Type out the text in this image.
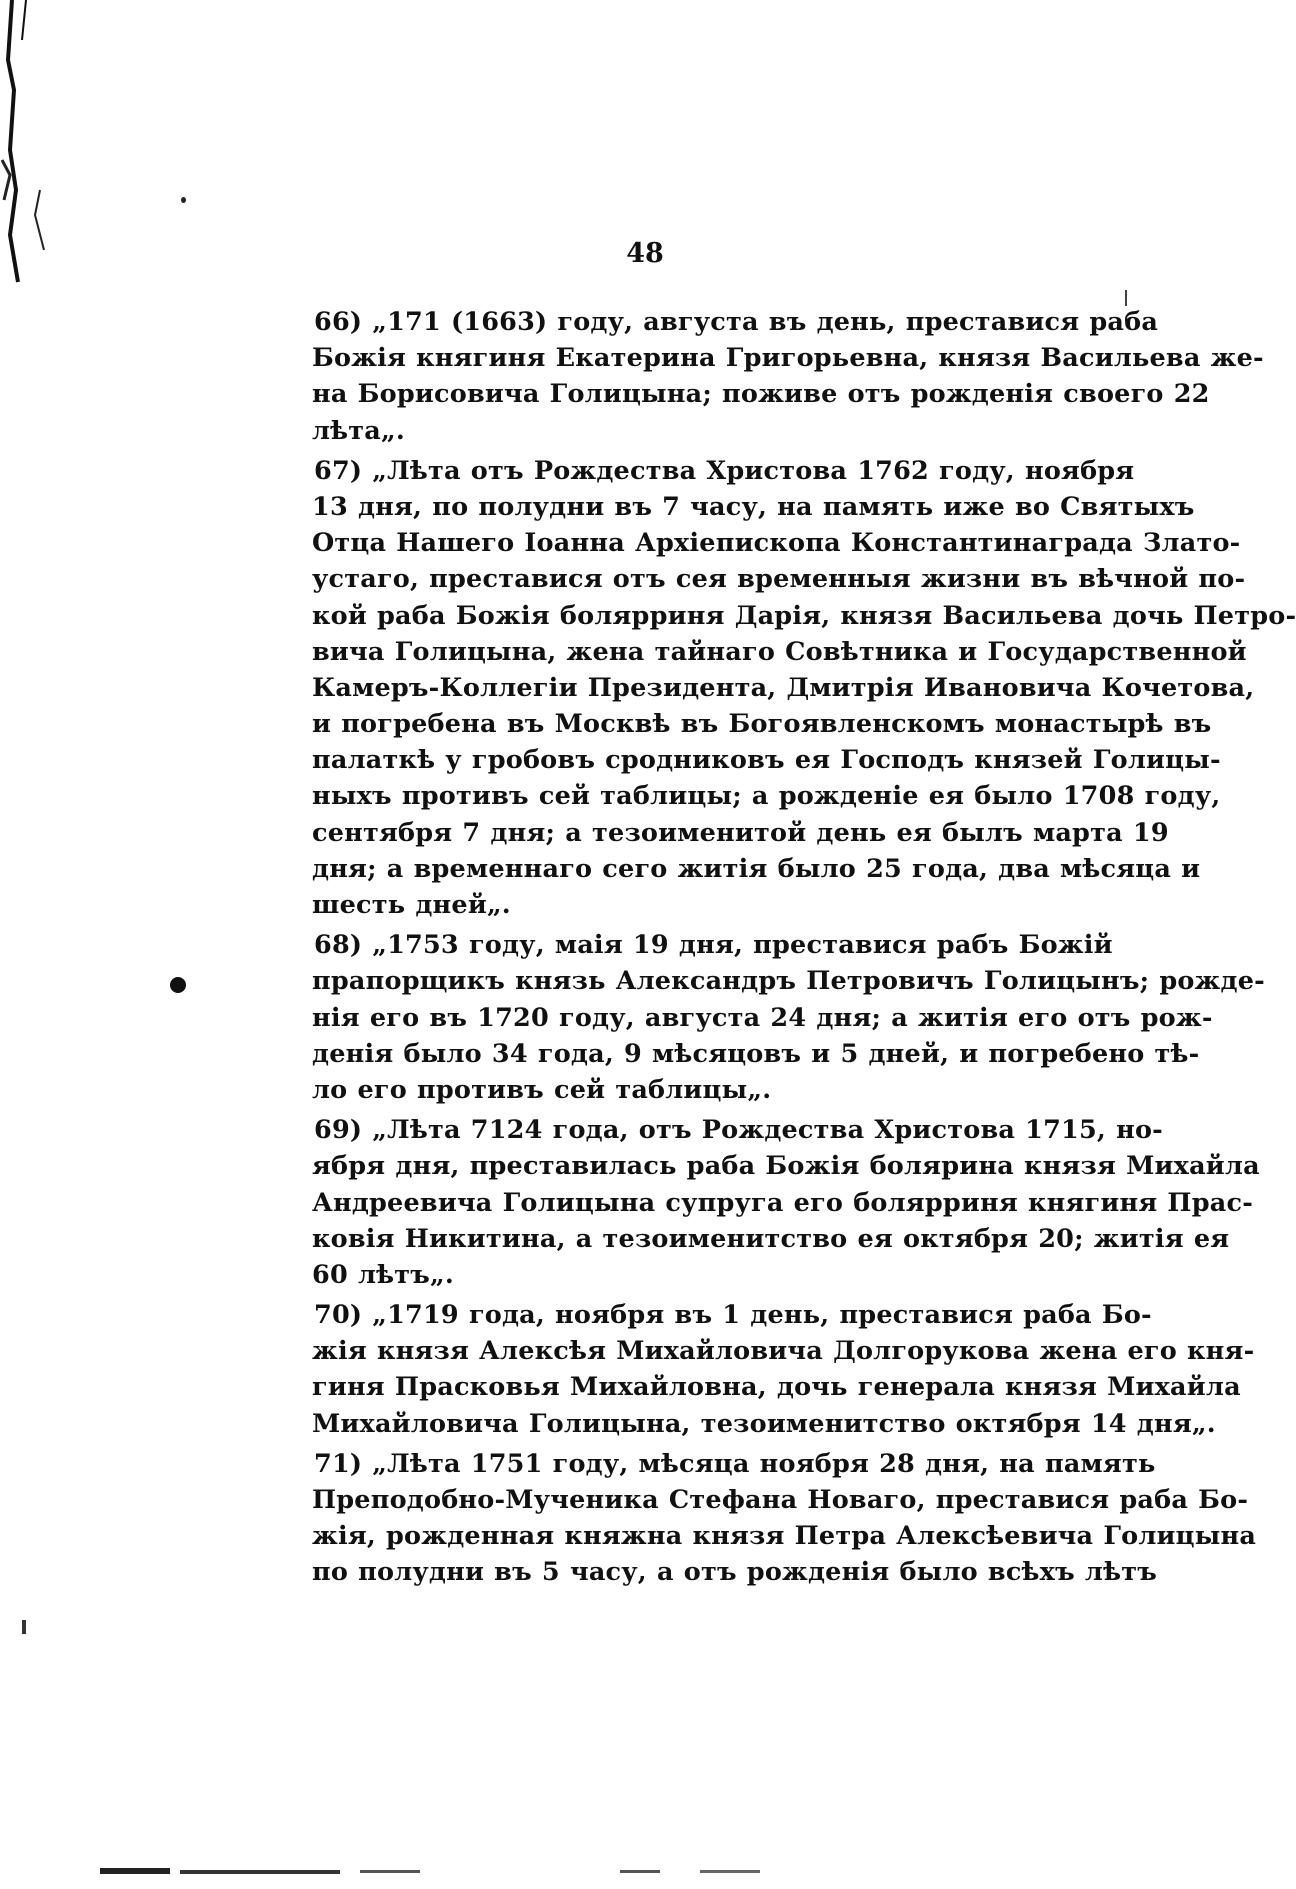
48
66) „171 (1663) году, августа въ день, преставися раба
Божія княгиня Екатерина Григорьевна, князя Васильева же-
на Борисовича Голицына; поживе отъ рожденія своего 22
лѣта„.
67) „Лѣта отъ Рождества Христова 1762 году, ноября
13 дня, по полудни въ 7 часу, на память иже во Святыхъ
Отца Нашего Іоанна Архіепископа Константинаграда Злато-
устаго, преставися отъ сея временныя жизни въ вѣчной по-
кой раба Божія болярриня Дарія, князя Васильева дочь Петро-
вича Голицына, жена тайнаго Совѣтника и Государственной
Камеръ-Коллегіи Президента, Дмитрія Ивановича Кочетова,
и погребена въ Москвѣ въ Богоявленскомъ монастырѣ въ
палаткѣ у гробовъ сродниковъ ея Господъ князей Голицы-
ныхъ противъ сей таблицы; а рожденіе ея было 1708 году,
сентября 7 дня; а тезоименитой день ея былъ марта 19
дня; а временнаго сего житія было 25 года, два мѣсяца и
шесть дней„.
68) „1753 году, маія 19 дня, преставися рабъ Божій
прапорщикъ князь Александръ Петровичъ Голицынъ; рожде-
нія его въ 1720 году, августа 24 дня; а житія его отъ рож-
денія было 34 года, 9 мѣсяцовъ и 5 дней, и погребено тѣ-
ло его противъ сей таблицы„.
69) „Лѣта 7124 года, отъ Рождества Христова 1715, но-
ября дня, преставилась раба Божія болярина князя Михайла
Андреевича Голицына супруга его болярриня княгиня Прас-
ковія Никитина, а тезоименитство ея октября 20; житія ея
60 лѣтъ„.
70) „1719 года, ноября въ 1 день, преставися раба Бо-
жія князя Алексѣя Михайловича Долгорукова жена его кня-
гиня Прасковья Михайловна, дочь генерала князя Михайла
Михайловича Голицына, тезоименитство октября 14 дня„.
71) „Лѣта 1751 году, мѣсяца ноября 28 дня, на память
Преподобно-Мученика Стефана Новаго, преставися раба Бо-
жія, рожденная княжна князя Петра Алексѣевича Голицына
по полудни въ 5 часу, а отъ рожденія было всѣхъ лѣтъ
